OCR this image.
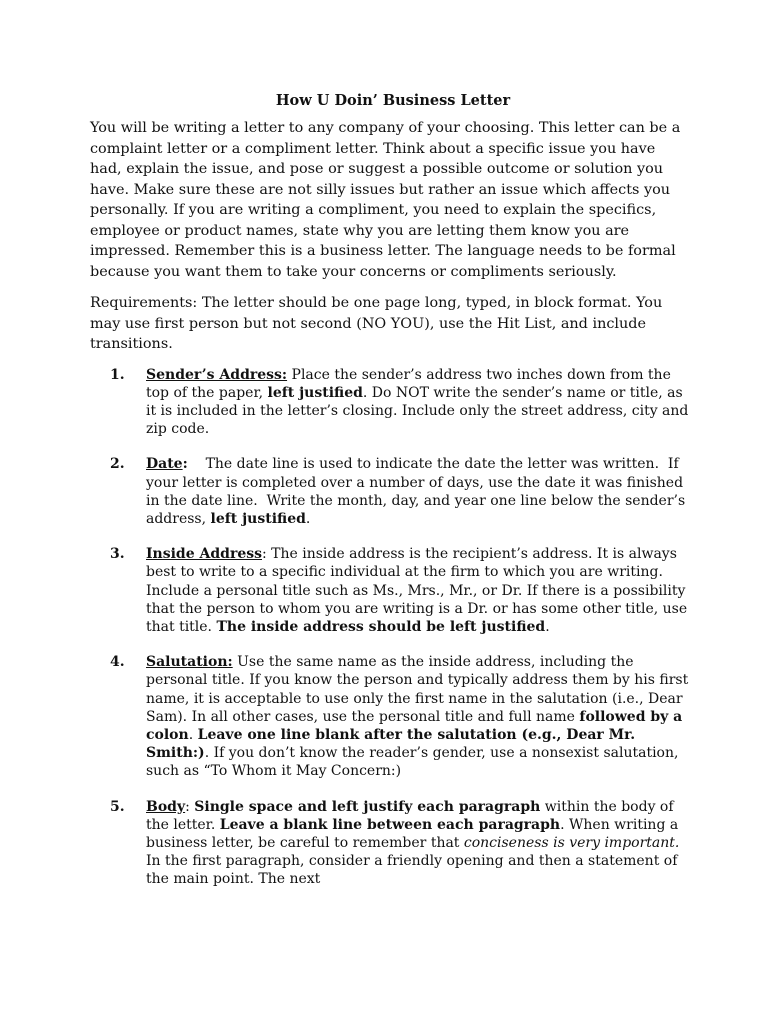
How U Doin’ Business Letter

You will be writing a letter to any company of your choosing. This letter can be a complaint letter or a compliment letter. Think about a specific issue you have had, explain the issue, and pose or suggest a possible outcome or solution you have. Make sure these are not silly issues but rather an issue which affects you personally. If you are writing a compliment, you need to explain the specifics, employee or product names, state why you are letting them know you are impressed. Remember this is a business letter. The language needs to be formal because you want them to take your concerns or compliments seriously.

Requirements: The letter should be one page long, typed, in block format. You may use first person but not second (NO YOU), use the Hit List, and include transitions.

1. Sender’s Address: Place the sender’s address two inches down from the top of the paper, left justified. Do NOT write the sender’s name or title, as it is included in the letter’s closing. Include only the street address, city and zip code.
2. Date:    The date line is used to indicate the date the letter was written.  If your letter is completed over a number of days, use the date it was finished in the date line.  Write the month, day, and year one line below the sender’s address, left justified.
3. Inside Address: The inside address is the recipient’s address. It is always best to write to a specific individual at the firm to which you are writing. Include a personal title such as Ms., Mrs., Mr., or Dr. If there is a possibility that the person to whom you are writing is a Dr. or has some other title, use that title. The inside address should be left justified.
4. Salutation: Use the same name as the inside address, including the personal title. If you know the person and typically address them by his first name, it is acceptable to use only the first name in the salutation (i.e., Dear Sam). In all other cases, use the personal title and full name followed by a colon. Leave one line blank after the salutation (e.g., Dear Mr. Smith:). If you don’t know the reader’s gender, use a nonsexist salutation, such as “To Whom it May Concern:)
5. Body: Single space and left justify each paragraph within the body of the letter. Leave a blank line between each paragraph. When writing a business letter, be careful to remember that conciseness is very important. In the first paragraph, consider a friendly opening and then a statement of the main point. The next
